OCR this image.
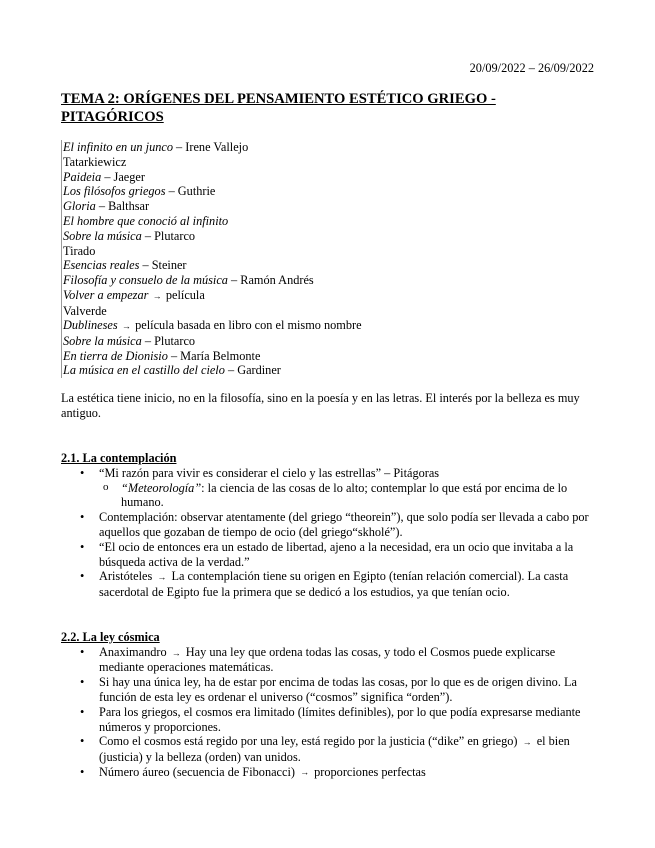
20/09/2022 – 26/09/2022
TEMA 2: ORÍGENES DEL PENSAMIENTO ESTÉTICO GRIEGO - PITAGÓRICOS
El infinito en un junco – Irene Vallejo
Tatarkiewicz
Paideia – Jaeger
Los filósofos griegos – Guthrie
Gloria – Balthsar
El hombre que conoció al infinito
Sobre la música – Plutarco
Tirado
Esencias reales – Steiner
Filosofía y consuelo de la música – Ramón Andrés
Volver a empezar → película
Valverde
Dublineses → película basada en libro con el mismo nombre
Sobre la música – Plutarco
En tierra de Dionisio – María Belmonte
La música en el castillo del cielo – Gardiner
La estética tiene inicio, no en la filosofía, sino en la poesía y en las letras. El interés por la belleza es muy antiguo.
2.1. La contemplación
• “Mi razón para vivir es considerar el cielo y las estrellas” – Pitágoras
o “Meteorología”: la ciencia de las cosas de lo alto; contemplar lo que está por encima de lo humano.
• Contemplación: observar atentamente (del griego “theorein”), que solo podía ser llevada a cabo por aquellos que gozaban de tiempo de ocio (del griego“skholé”).
• “El ocio de entonces era un estado de libertad, ajeno a la necesidad, era un ocio que invitaba a la búsqueda activa de la verdad.”
• Aristóteles → La contemplación tiene su origen en Egipto (tenían relación comercial). La casta sacerdotal de Egipto fue la primera que se dedicó a los estudios, ya que tenían ocio.
2.2. La ley cósmica
• Anaximandro → Hay una ley que ordena todas las cosas, y todo el Cosmos puede explicarse mediante operaciones matemáticas.
• Si hay una única ley, ha de estar por encima de todas las cosas, por lo que es de origen divino. La función de esta ley es ordenar el universo (“cosmos” significa “orden”).
• Para los griegos, el cosmos era limitado (límites definibles), por lo que podía expresarse mediante números y proporciones.
• Como el cosmos está regido por una ley, está regido por la justicia (“dike” en griego) → el bien (justicia) y la belleza (orden) van unidos.
• Número áureo (secuencia de Fibonacci) → proporciones perfectas
